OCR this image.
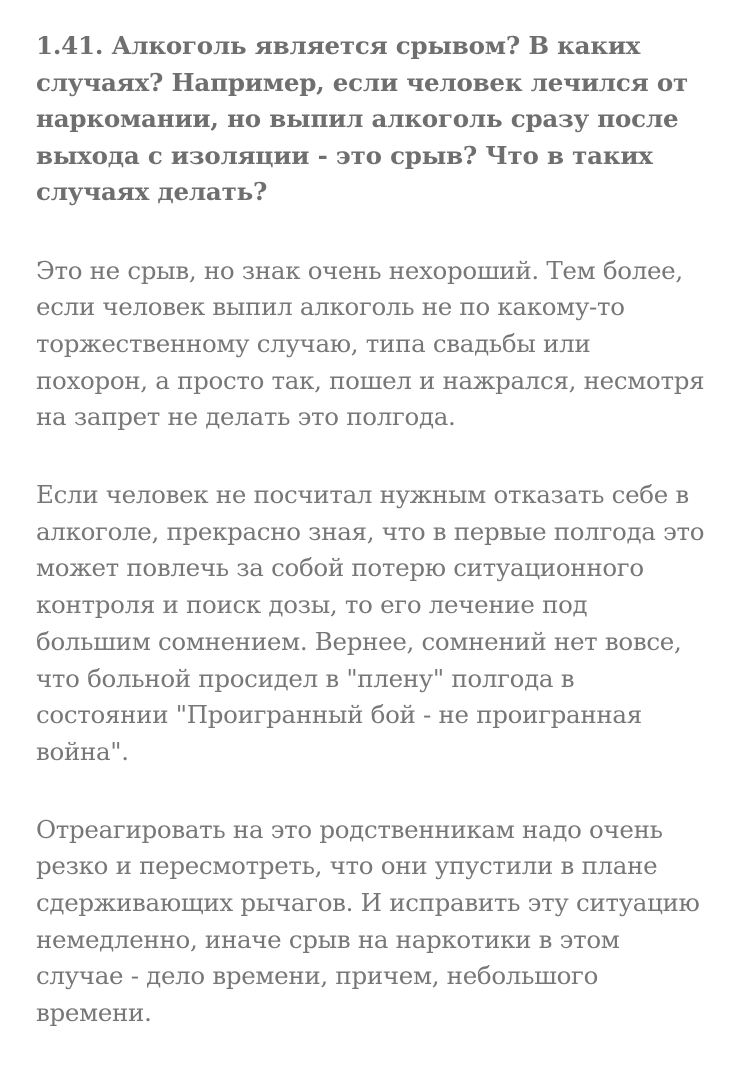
1.41. Алкоголь является срывом? В каких случаях? Например, если человек лечился от наркомании, но выпил алкоголь сразу после выхода с изоляции - это срыв? Что в таких случаях делать?

Это не срыв, но знак очень нехороший. Тем более, если человек выпил алкоголь не по какому-то торжественному случаю, типа свадьбы или похорон, а просто так, пошел и нажрался, несмотря на запрет не делать это полгода.

Если человек не посчитал нужным отказать себе в алкоголе, прекрасно зная, что в первые полгода это может повлечь за собой потерю ситуационного контроля и поиск дозы, то его лечение под большим сомнением. Вернее, сомнений нет вовсе, что больной просидел в "плену" полгода в состоянии "Проигранный бой - не проигранная война".

Отреагировать на это родственникам надо очень резко и пересмотреть, что они упустили в плане сдерживающих рычагов. И исправить эту ситуацию немедленно, иначе срыв на наркотики в этом случае - дело времени, причем, небольшого времени.
